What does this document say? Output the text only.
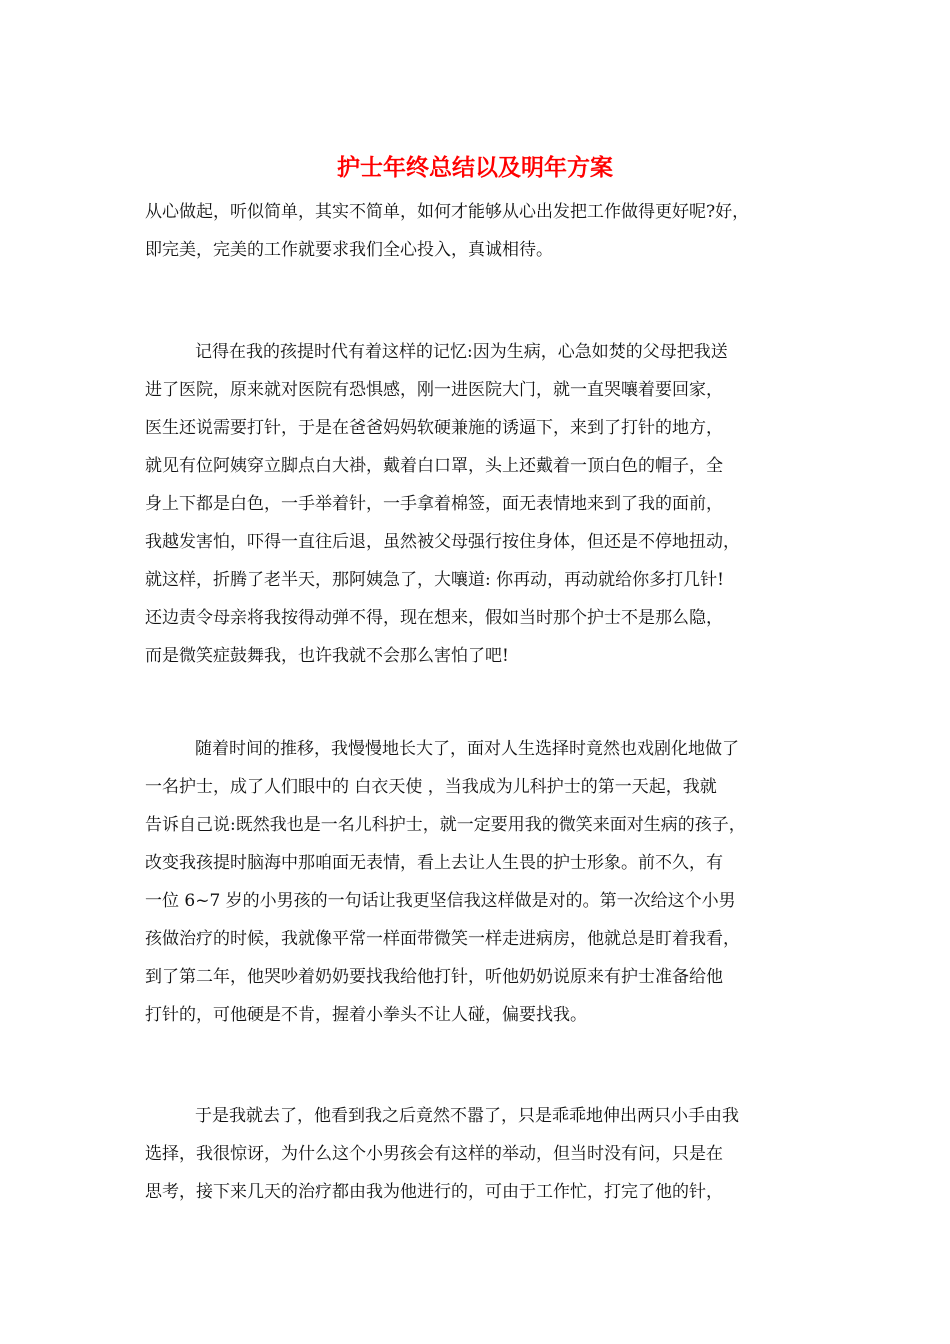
护士年终总结以及明年方案
从心做起，听似简单，其实不简单，如何才能够从心出发把工作做得更好呢?好，
即完美，完美的工作就要求我们全心投入，真诚相待。
记得在我的孩提时代有着这样的记忆:因为生病，心急如焚的父母把我送
进了医院，原来就对医院有恐惧感，刚一进医院大门，就一直哭嚷着要回家，
医生还说需要打针，于是在爸爸妈妈软硬兼施的诱逼下，来到了打针的地方，
就见有位阿姨穿立脚点白大褂，戴着白口罩，头上还戴着一顶白色的帽子，全
身上下都是白色，一手举着针，一手拿着棉签，面无表情地来到了我的面前，
我越发害怕，吓得一直往后退，虽然被父母强行按住身体，但还是不停地扭动，
就这样，折腾了老半天，那阿姨急了，大嚷道: 你再动，再动就给你多打几针!
还边责令母亲将我按得动弹不得，现在想来，假如当时那个护士不是那么隐，
而是微笑症鼓舞我，也许我就不会那么害怕了吧!
随着时间的推移，我慢慢地长大了，面对人生选择时竟然也戏剧化地做了
一名护士，成了人们眼中的 白衣天使 ，当我成为儿科护士的第一天起，我就
告诉自己说:既然我也是一名儿科护士，就一定要用我的微笑来面对生病的孩子，
改变我孩提时脑海中那咱面无表情，看上去让人生畏的护士形象。前不久，有
一位 6~7 岁的小男孩的一句话让我更坚信我这样做是对的。第一次给这个小男
孩做治疗的时候，我就像平常一样面带微笑一样走进病房，他就总是盯着我看，
到了第二年，他哭吵着奶奶要找我给他打针，听他奶奶说原来有护士准备给他
打针的，可他硬是不肯，握着小拳头不让人碰，偏要找我。
于是我就去了，他看到我之后竟然不嚣了，只是乖乖地伸出两只小手由我
选择，我很惊讶，为什么这个小男孩会有这样的举动，但当时没有问，只是在
思考，接下来几天的治疗都由我为他进行的，可由于工作忙，打完了他的针，
